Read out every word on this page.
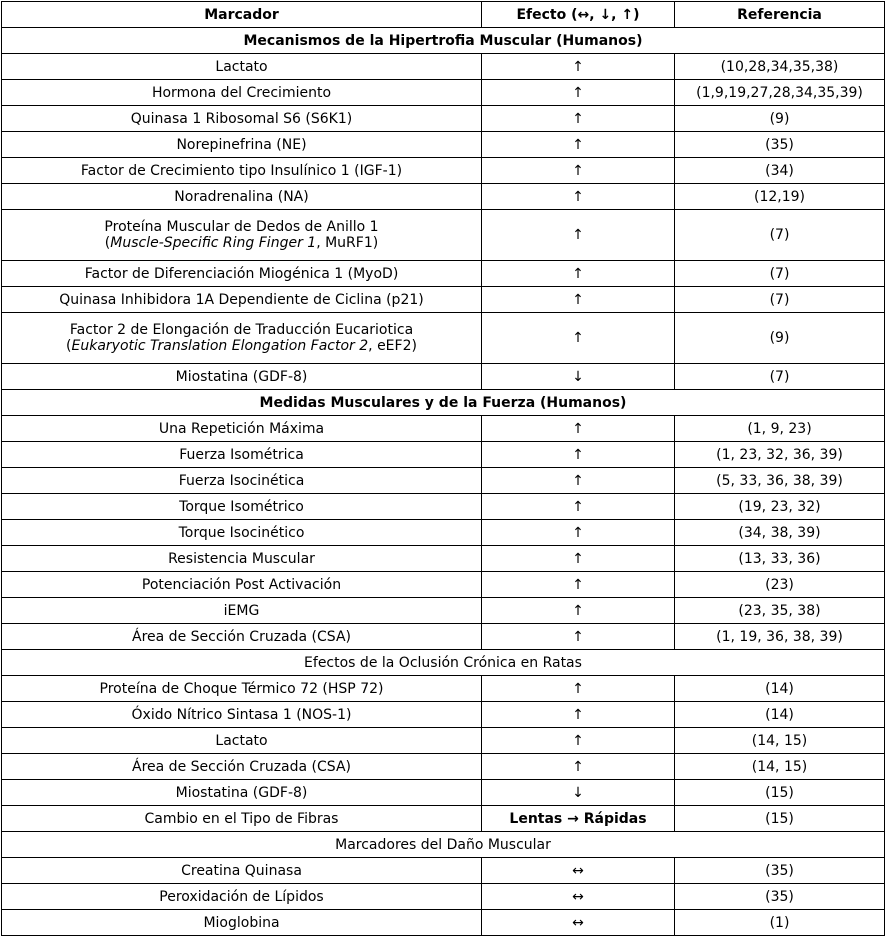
Marcador	Efecto (↔, ↓, ↑)	Referencia
Mecanismos de la Hipertrofia Muscular (Humanos)		
Lactato	↑	(10,28,34,35,38)
Hormona del Crecimiento	↑	(1,9,19,27,28,34,35,39)
Quinasa 1 Ribosomal S6 (S6K1)	↑	(9)
Norepinefrina (NE)	↑	(35)
Factor de Crecimiento tipo Insulínico 1 (IGF-1)	↑	(34)
Noradrenalina (NA)	↑	(12,19)
Proteína Muscular de Dedos de Anillo 1
(Muscle-Specific Ring Finger 1, MuRF1)	↑	(7)
Factor de Diferenciación Miogénica 1 (MyoD)	↑	(7)
Quinasa Inhibidora 1A Dependiente de Ciclina (p21)	↑	(7)
Factor 2 de Elongación de Traducción Eucariotica
(Eukaryotic Translation Elongation Factor 2, eEF2)	↑	(9)
Miostatina (GDF-8)	↓	(7)
Medidas Musculares y de la Fuerza (Humanos)		
Una Repetición Máxima	↑	(1, 9, 23)
Fuerza Isométrica	↑	(1, 23, 32, 36, 39)
Fuerza Isocinética	↑	(5, 33, 36, 38, 39)
Torque Isométrico	↑	(19, 23, 32)
Torque Isocinético	↑	(34, 38, 39)
Resistencia Muscular	↑	(13, 33, 36)
Potenciación Post Activación	↑	(23)
iEMG	↑	(23, 35, 38)
Área de Sección Cruzada (CSA)	↑	(1, 19, 36, 38, 39)
Efectos de la Oclusión Crónica en Ratas		
Proteína de Choque Térmico 72 (HSP 72)	↑	(14)
Óxido Nítrico Sintasa 1 (NOS-1)	↑	(14)
Lactato	↑	(14, 15)
Área de Sección Cruzada (CSA)	↑	(14, 15)
Miostatina (GDF-8)	↓	(15)
Cambio en el Tipo de Fibras	Lentas → Rápidas	(15)
Marcadores del Daño Muscular		
Creatina Quinasa	↔	(35)
Peroxidación de Lípidos	↔	(35)
Mioglobina	↔	(1)
